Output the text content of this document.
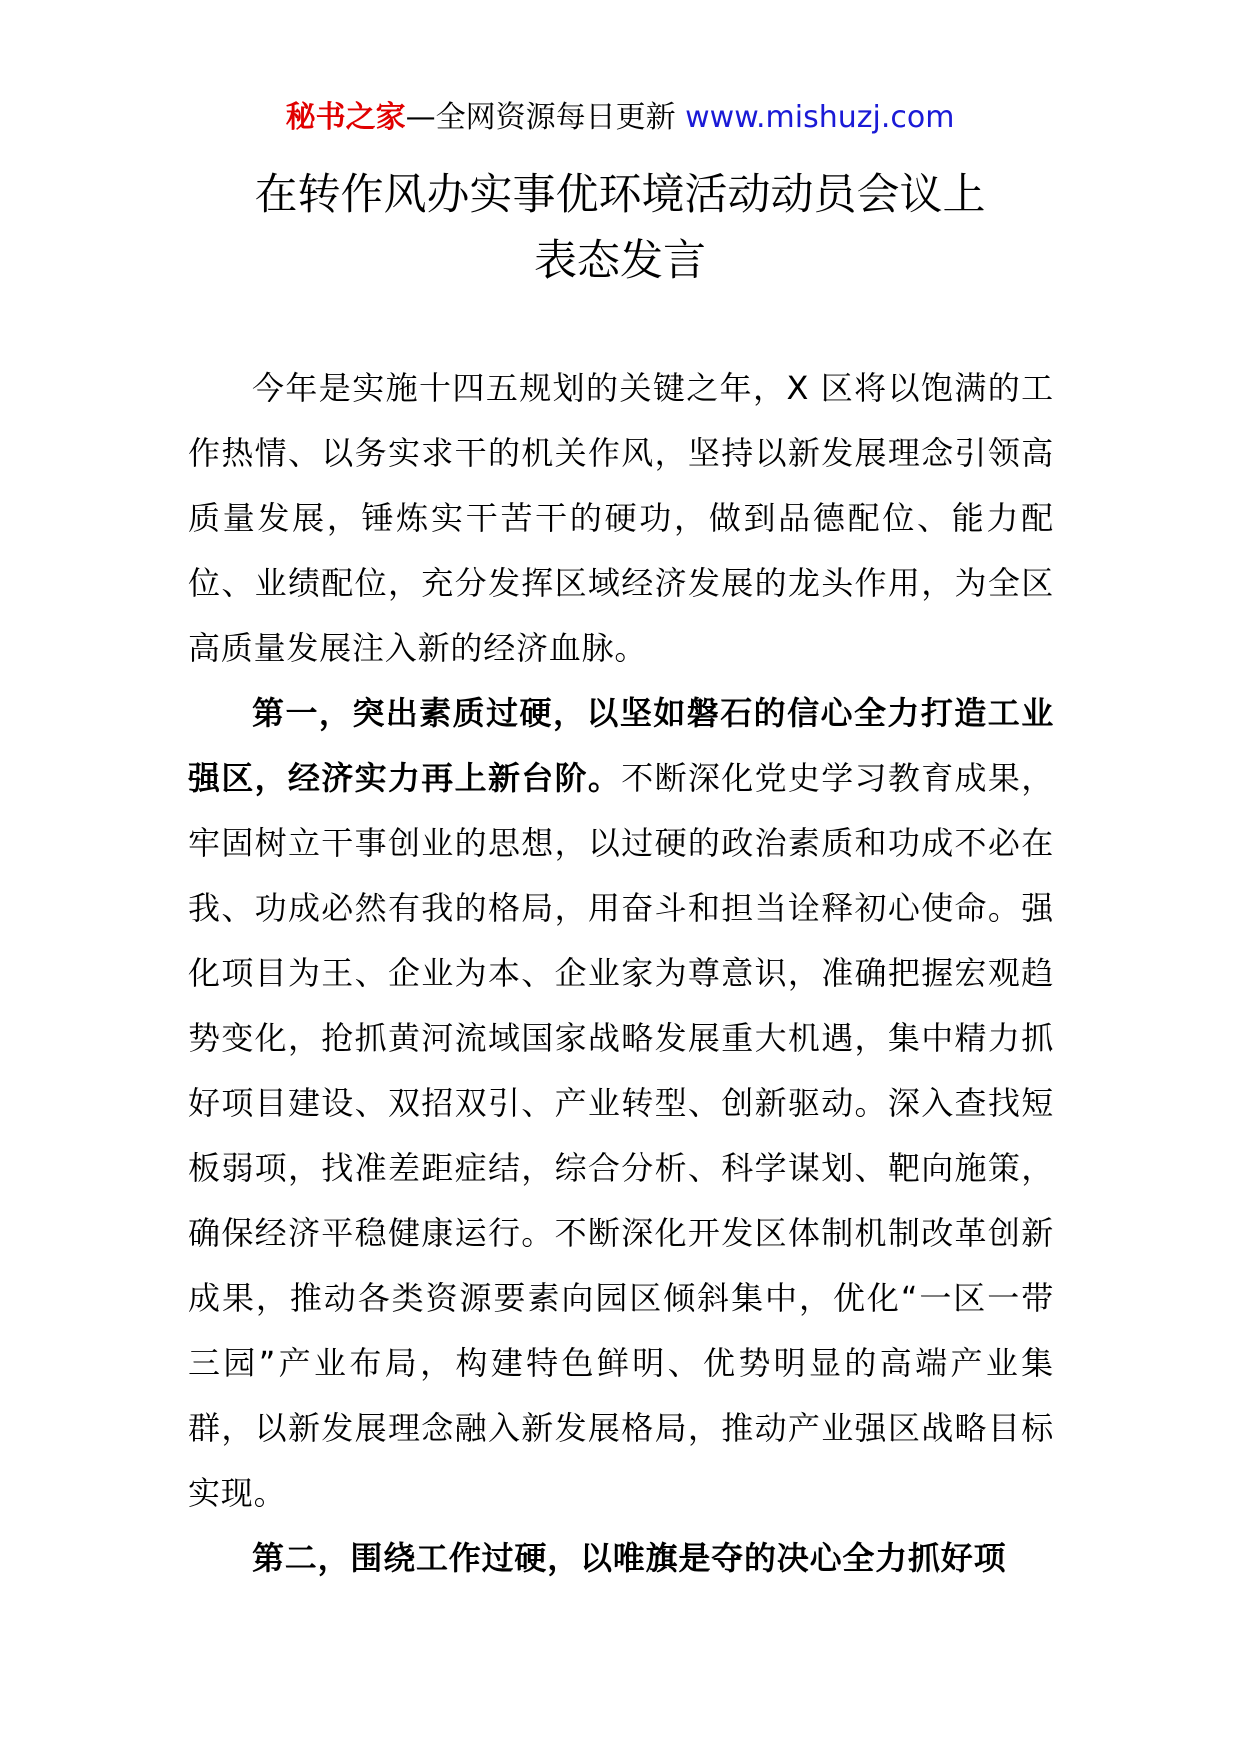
秘书之家—全网资源每日更新 www.mishuzj.com
在转作风办实事优环境活动动员会议上
表态发言

今年是实施十四五规划的关键之年，X 区将以饱满的工作热情、以务实求干的机关作风，坚持以新发展理念引领高质量发展，锤炼实干苦干的硬功，做到品德配位、能力配位、业绩配位，充分发挥区域经济发展的龙头作用，为全区高质量发展注入新的经济血脉。

第一，突出素质过硬，以坚如磐石的信心全力打造工业强区，经济实力再上新台阶。不断深化党史学习教育成果，牢固树立干事创业的思想，以过硬的政治素质和功成不必在我、功成必然有我的格局，用奋斗和担当诠释初心使命。强化项目为王、企业为本、企业家为尊意识，准确把握宏观趋势变化，抢抓黄河流域国家战略发展重大机遇，集中精力抓好项目建设、双招双引、产业转型、创新驱动。深入查找短板弱项，找准差距症结，综合分析、科学谋划、靶向施策，确保经济平稳健康运行。不断深化开发区体制机制改革创新成果，推动各类资源要素向园区倾斜集中，优化“一区一带三园”产业布局，构建特色鲜明、优势明显的高端产业集群，以新发展理念融入新发展格局，推动产业强区战略目标实现。

第二，围绕工作过硬，以唯旗是夺的决心全力抓好项
